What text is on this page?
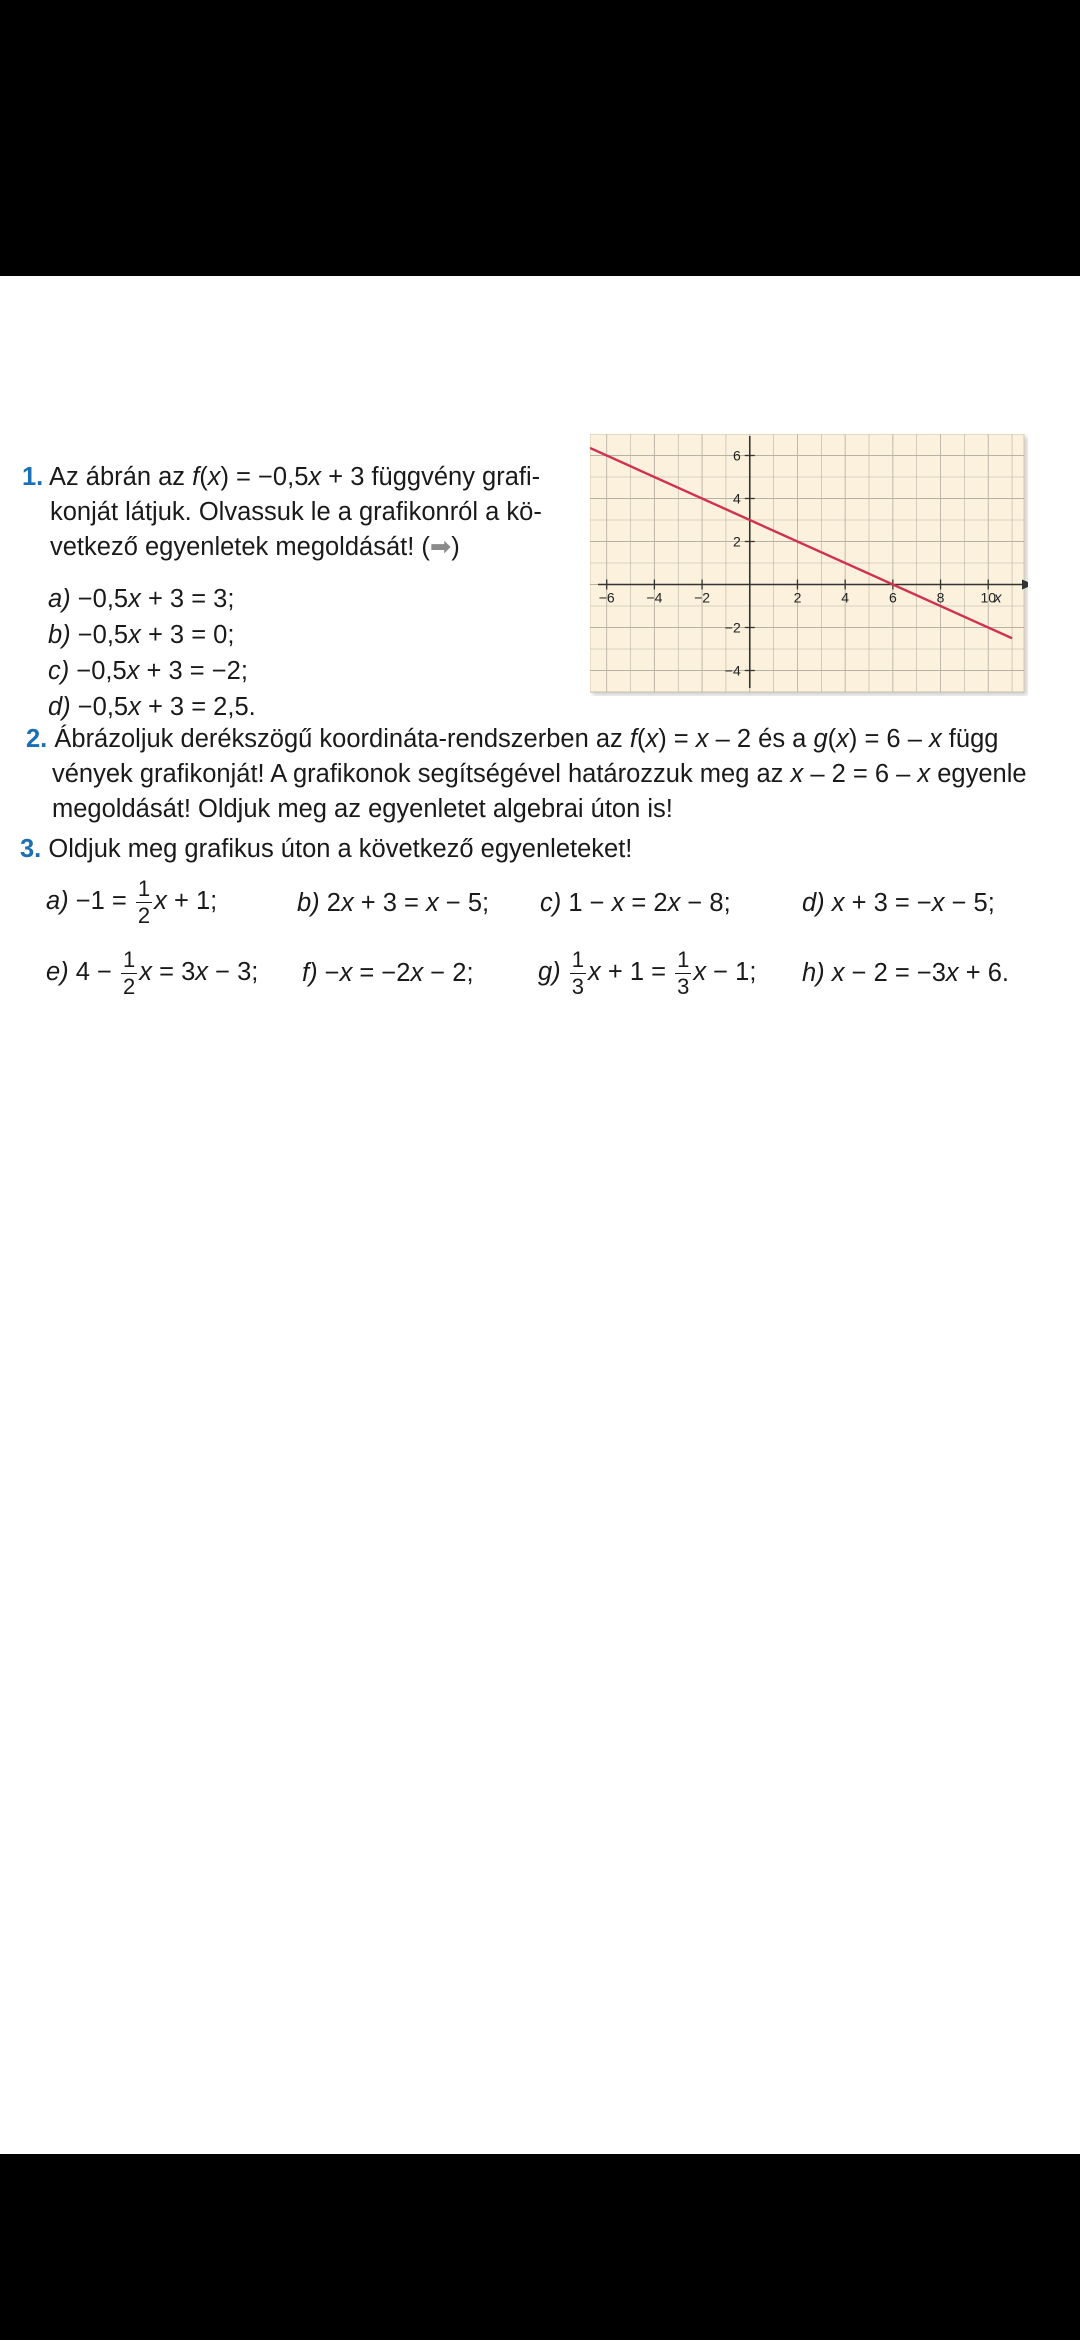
1. Az ábrán az f(x) = −0,5x + 3 függvény grafi-
konját látjuk. Olvassuk le a grafikonról a kö-
vetkező egyenletek megoldását! (➡)
a) −0,5x + 3 = 3;
b) −0,5x + 3 = 0;
c) −0,5x + 3 = −2;
d) −0,5x + 3 = 2,5.
−6 −4 −2	2	4	6	8	10
x
6
4
2
−2
−4
2. Ábrázoljuk derékszögű koordináta-rendszerben az f(x) = x – 2 és a g(x) = 6 – x függ
vények grafikonját! A grafikonok segítségével határozzuk meg az x – 2 = 6 – x egyenle
megoldását! Oldjuk meg az egyenletet algebrai úton is!
3. Oldjuk meg grafikus úton a következő egyenleteket!
$a) -1 = \frac{1}{2}$ x + 1;	b) 2x + 3 = x − 5; c) 1 − x = 2x − 8;	d) x + 3 = −x − 5;
e) $4 - \frac{1}{2}$ x = 3x − 3; f) −x = −2x − 2;	$g) \frac{1}{3}$ $x + 1 = \frac{1}{3}$ x − 1; h) x − 2 = −3x + 6.
